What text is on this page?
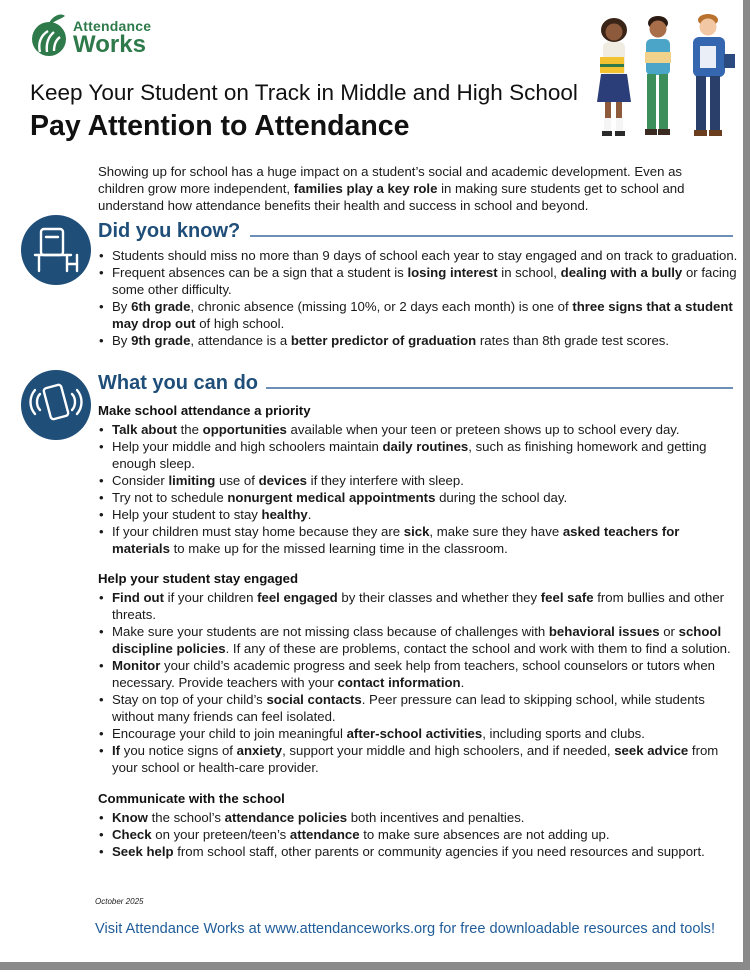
Attendance
Works
Keep Your Student on Track in Middle and High School
Pay Attention to Attendance
Showing up for school has a huge impact on a student’s social and academic development. Even as children grow more independent, families play a key role in making sure students get to school and understand how attendance benefits their health and success in school and beyond.
Did you know?
• Students should miss no more than 9 days of school each year to stay engaged and on track to graduation.
• Frequent absences can be a sign that a student is losing interest in school, dealing with a bully or facing some other difficulty.
• By 6th grade, chronic absence (missing 10%, or 2 days each month) is one of three signs that a student may drop out of high school.
• By 9th grade, attendance is a better predictor of graduation rates than 8th grade test scores.
What you can do
Make school attendance a priority
• Talk about the opportunities available when your teen or preteen shows up to school every day.
• Help your middle and high schoolers maintain daily routines, such as finishing homework and getting enough sleep.
• Consider limiting use of devices if they interfere with sleep.
• Try not to schedule nonurgent medical appointments during the school day.
• Help your student to stay healthy.
• If your children must stay home because they are sick, make sure they have asked teachers for materials to make up for the missed learning time in the classroom.
Help your student stay engaged
• Find out if your children feel engaged by their classes and whether they feel safe from bullies and other threats.
• Make sure your students are not missing class because of challenges with behavioral issues or school discipline policies. If any of these are problems, contact the school and work with them to find a solution.
• Monitor your child’s academic progress and seek help from teachers, school counselors or tutors when necessary. Provide teachers with your contact information.
• Stay on top of your child’s social contacts. Peer pressure can lead to skipping school, while students without many friends can feel isolated.
• Encourage your child to join meaningful after-school activities, including sports and clubs.
• If you notice signs of anxiety, support your middle and high schoolers, and if needed, seek advice from your school or health-care provider.
Communicate with the school
• Know the school’s attendance policies both incentives and penalties.
• Check on your preteen/teen’s attendance to make sure absences are not adding up.
• Seek help from school staff, other parents or community agencies if you need resources and support.
October 2025
Visit Attendance Works at www.attendanceworks.org for free downloadable resources and tools!
